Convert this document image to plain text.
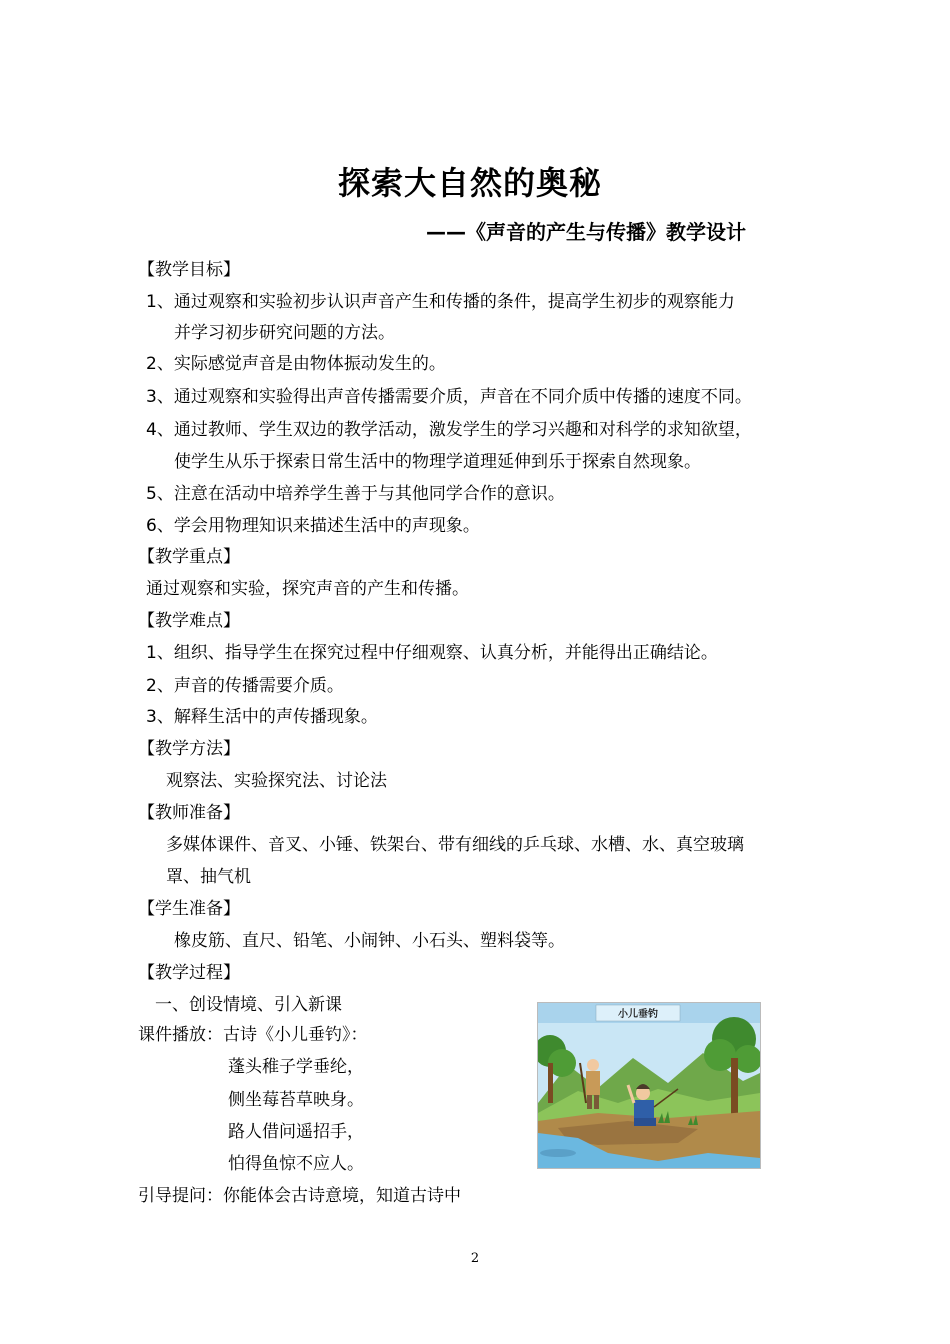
探索大自然的奥秘
——《声音的产生与传播》教学设计
【教学目标】
1、通过观察和实验初步认识声音产生和传播的条件，提高学生初步的观察能力
并学习初步研究问题的方法。
2、实际感觉声音是由物体振动发生的。
3、通过观察和实验得出声音传播需要介质，声音在不同介质中传播的速度不同。
4、通过教师、学生双边的教学活动，激发学生的学习兴趣和对科学的求知欲望，
使学生从乐于探索日常生活中的物理学道理延伸到乐于探索自然现象。
5、注意在活动中培养学生善于与其他同学合作的意识。
6、学会用物理知识来描述生活中的声现象。
【教学重点】
通过观察和实验，探究声音的产生和传播。
【教学难点】
1、组织、指导学生在探究过程中仔细观察、认真分析，并能得出正确结论。
2、声音的传播需要介质。
3、解释生活中的声传播现象。
【教学方法】
观察法、实验探究法、讨论法
【教师准备】
多媒体课件、音叉、小锤、铁架台、带有细线的乒乓球、水槽、水、真空玻璃
罩、抽气机
【学生准备】
橡皮筋、直尺、铅笔、小闹钟、小石头、塑料袋等。
【教学过程】
一、创设情境、引入新课
课件播放：古诗《小儿垂钓》：
蓬头稚子学垂纶，
侧坐莓苔草映身。
路人借问遥招手，
怕得鱼惊不应人。
引导提问：你能体会古诗意境，知道古诗中
小儿垂钓
2
